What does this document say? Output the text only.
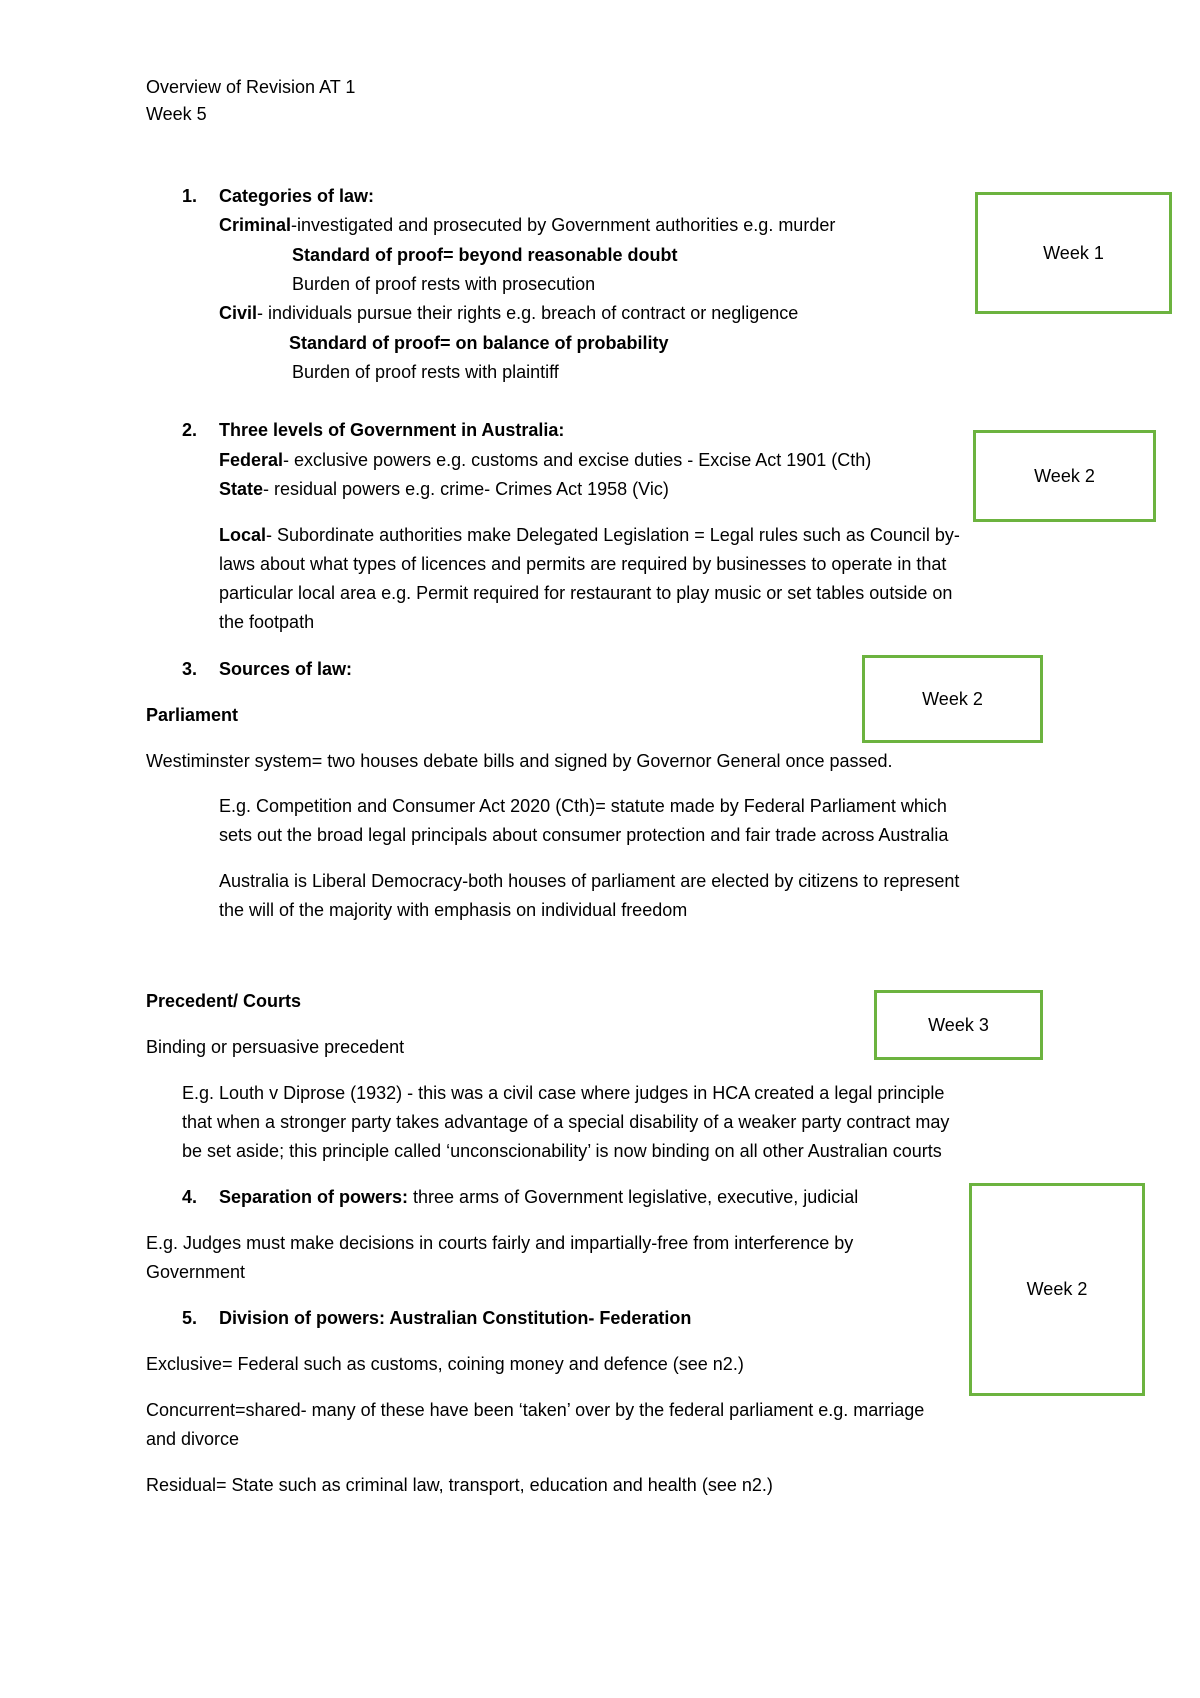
Overview of Revision AT 1
Week 5
1. Categories of law:
Criminal-investigated and prosecuted by Government authorities e.g. murder
Standard of proof= beyond reasonable doubt
Burden of proof rests with prosecution
Civil- individuals pursue their rights e.g. breach of contract or negligence
Standard of proof= on balance of probability
Burden of proof rests with plaintiff
2. Three levels of Government in Australia:
Federal- exclusive powers e.g. customs and excise duties - Excise Act 1901 (Cth)
State- residual powers e.g. crime- Crimes Act 1958 (Vic)
Local- Subordinate authorities make Delegated Legislation = Legal rules such as Council by-
laws about what types of licences and permits are required by businesses to operate in that
particular local area e.g. Permit required for restaurant to play music or set tables outside on
the footpath
3. Sources of law:
Parliament
Westiminster system= two houses debate bills and signed by Governor General once passed.
E.g. Competition and Consumer Act 2020 (Cth)= statute made by Federal Parliament which
sets out the broad legal principals about consumer protection and fair trade across Australia
Australia is Liberal Democracy-both houses of parliament are elected by citizens to represent
the will of the majority with emphasis on individual freedom
Precedent/ Courts
Binding or persuasive precedent
E.g. Louth v Diprose (1932) - this was a civil case where judges in HCA created a legal principle
that when a stronger party takes advantage of a special disability of a weaker party contract may
be set aside; this principle called ‘unconscionability’ is now binding on all other Australian courts
4. Separation of powers: three arms of Government legislative, executive, judicial
E.g. Judges must make decisions in courts fairly and impartially-free from interference by
Government
5. Division of powers: Australian Constitution- Federation
Exclusive= Federal such as customs, coining money and defence (see n2.)
Concurrent=shared- many of these have been ‘taken’ over by the federal parliament e.g. marriage
and divorce
Residual= State such as criminal law, transport, education and health (see n2.)
Week 1
Week 2
Week 2
Week 3
Week 2
